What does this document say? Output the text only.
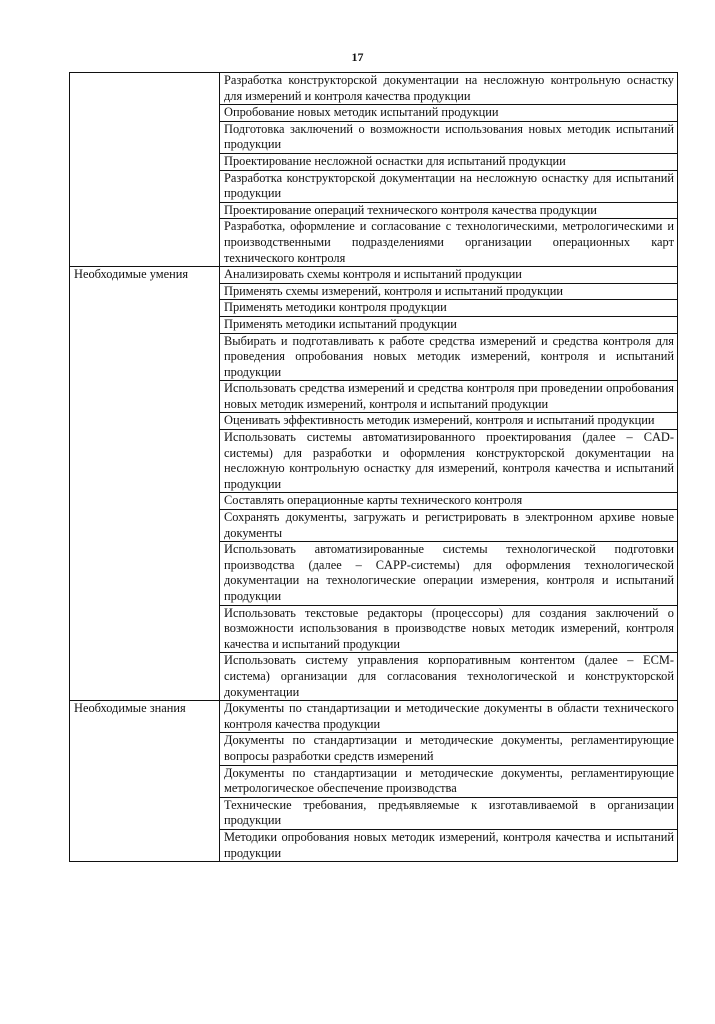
17
	Разработка конструкторской документации на несложную контрольную оснастку для измерений и контроля качества продукции
	Опробование новых методик испытаний продукции
	Подготовка заключений о возможности использования новых методик испытаний продукции
	Проектирование несложной оснастки для испытаний продукции
	Разработка конструкторской документации на несложную оснастку для испытаний продукции
	Проектирование операций технического контроля качества продукции
	Разработка, оформление и согласование с технологическими, метрологическими и производственными подразделениями организации операционных карт технического контроля
Необходимые умения	Анализировать схемы контроля и испытаний продукции
	Применять схемы измерений, контроля и испытаний продукции
	Применять методики контроля продукции
	Применять методики испытаний продукции
	Выбирать и подготавливать к работе средства измерений и средства контроля для проведения опробования новых методик измерений, контроля и испытаний продукции
	Использовать средства измерений и средства контроля при проведении опробования новых методик измерений, контроля и испытаний продукции
	Оценивать эффективность методик измерений, контроля и испытаний продукции
	Использовать системы автоматизированного проектирования (далее – CAD-системы) для разработки и оформления конструкторской документации на несложную контрольную оснастку для измерений, контроля качества и испытаний продукции
	Составлять операционные карты технического контроля
	Сохранять документы, загружать и регистрировать в электронном архиве новые документы
	Использовать автоматизированные системы технологической подготовки производства (далее – CAPP-системы) для оформления технологической документации на технологические операции измерения, контроля и испытаний продукции
	Использовать текстовые редакторы (процессоры) для создания заключений о возможности использования в производстве новых методик измерений, контроля качества и испытаний продукции
	Использовать систему управления корпоративным контентом (далее – ECM-система) организации для согласования технологической и конструкторской документации
Необходимые знания	Документы по стандартизации и методические документы в области технического контроля качества продукции
	Документы по стандартизации и методические документы, регламентирующие вопросы разработки средств измерений
	Документы по стандартизации и методические документы, регламентирующие метрологическое обеспечение производства
	Технические требования, предъявляемые к изготавливаемой в организации продукции
	Методики опробования новых методик измерений, контроля качества и испытаний продукции
